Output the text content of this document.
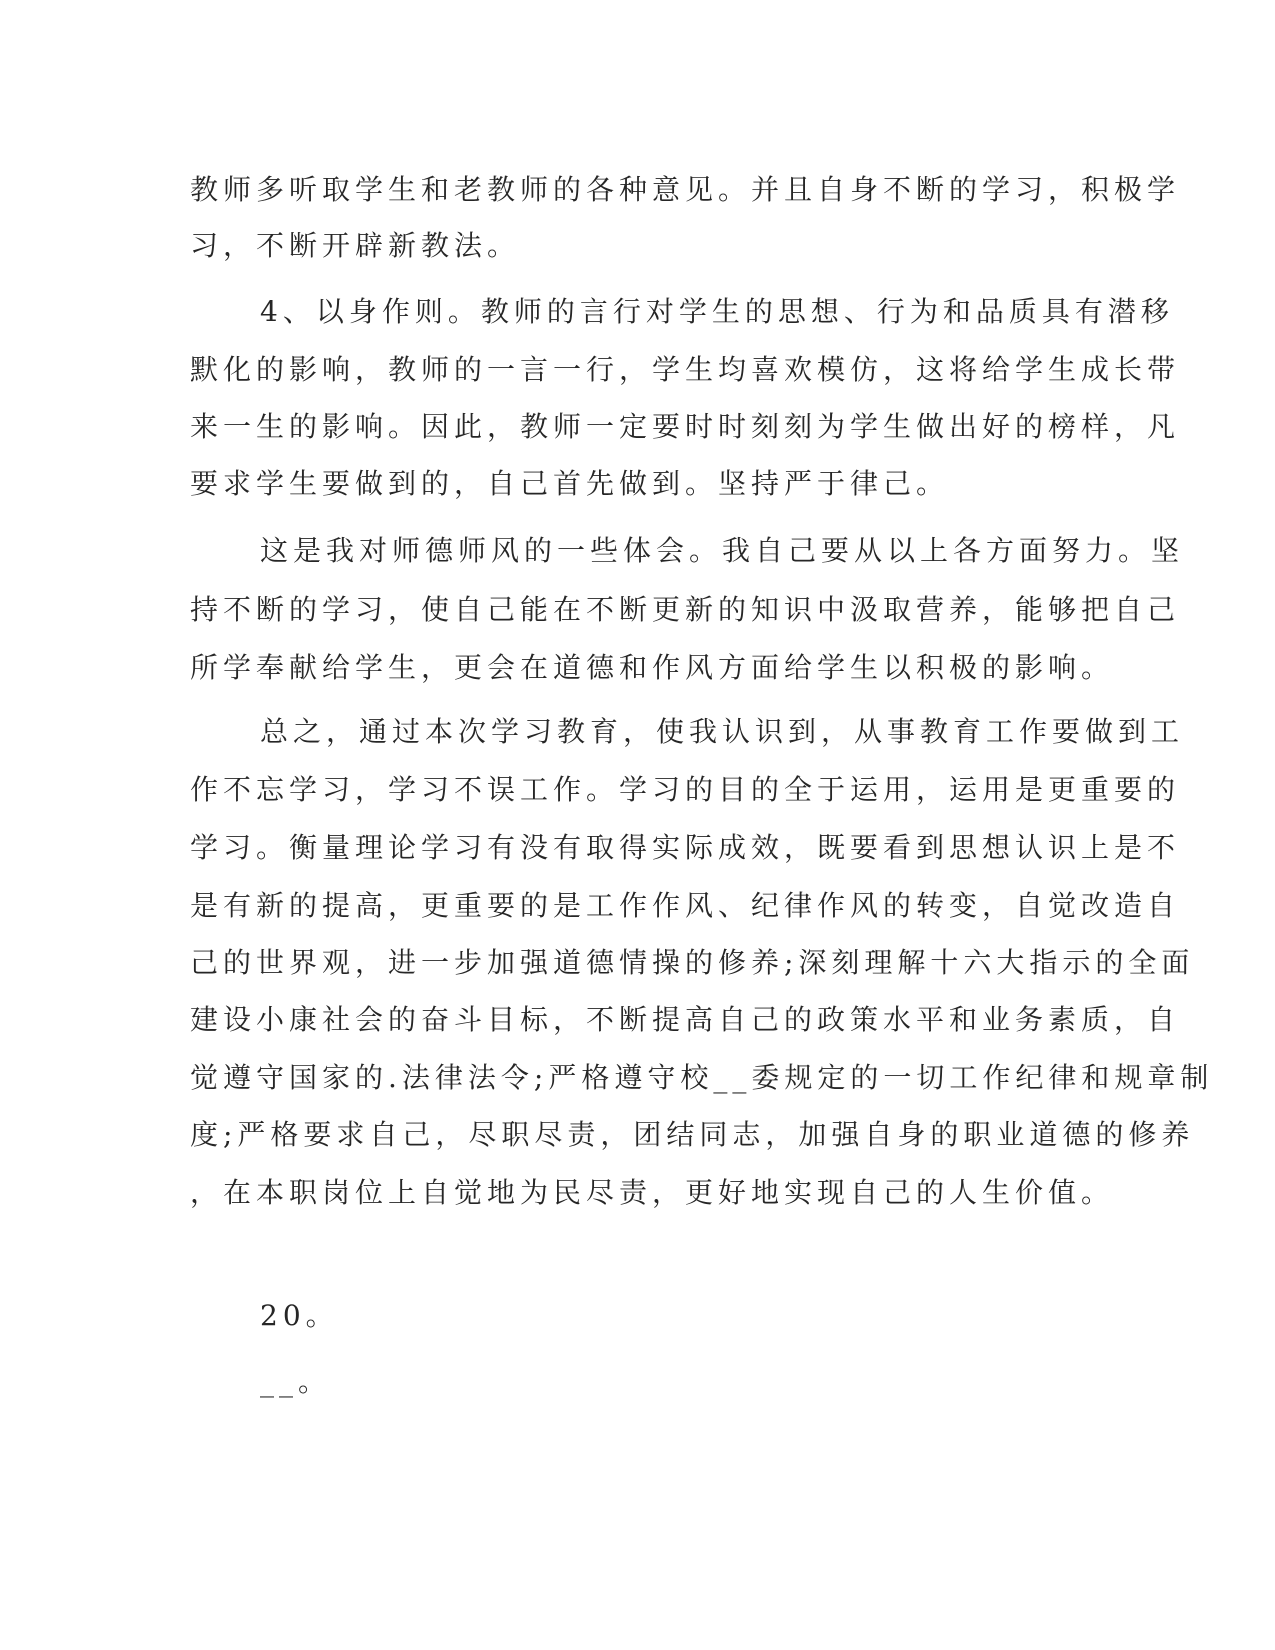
教师多听取学生和老教师的各种意见。并且自身不断的学习，积极学

习，不断开辟新教法。

4、以身作则。教师的言行对学生的思想、行为和品质具有潜移

默化的影响，教师的一言一行，学生均喜欢模仿，这将给学生成长带

来一生的影响。因此，教师一定要时时刻刻为学生做出好的榜样，凡

要求学生要做到的，自己首先做到。坚持严于律己。

这是我对师德师风的一些体会。我自己要从以上各方面努力。坚

持不断的学习，使自己能在不断更新的知识中汲取营养，能够把自己

所学奉献给学生，更会在道德和作风方面给学生以积极的影响。

总之，通过本次学习教育，使我认识到，从事教育工作要做到工

作不忘学习，学习不误工作。学习的目的全于运用，运用是更重要的

学习。衡量理论学习有没有取得实际成效，既要看到思想认识上是不

是有新的提高，更重要的是工作作风、纪律作风的转变，自觉改造自

己的世界观，进一步加强道德情操的修养;深刻理解十六大指示的全面

建设小康社会的奋斗目标，不断提高自己的政策水平和业务素质，自

觉遵守国家的.法律法令;严格遵守校__委规定的一切工作纪律和规章制

度;严格要求自己，尽职尽责，团结同志，加强自身的职业道德的修养

，在本职岗位上自觉地为民尽责，更好地实现自己的人生价值。

20。

__。
